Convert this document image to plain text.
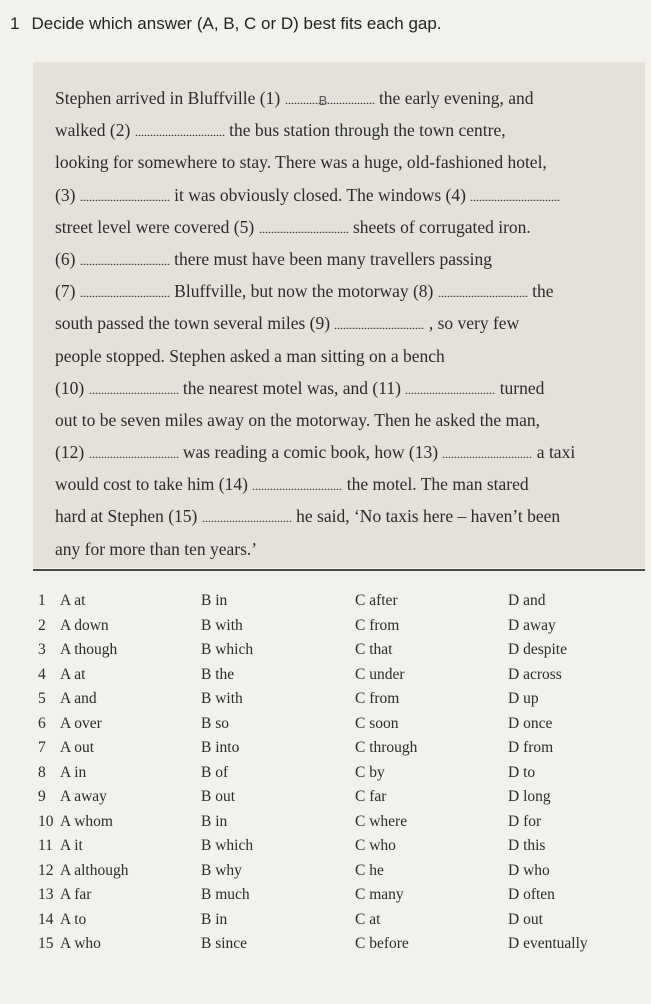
1 Decide which answer (A, B, C or D) best fits each gap.
Stephen arrived in Bluffville (1)	B	the early evening, and
walked (2)	the bus station through the town centre,
looking for somewhere to stay. There was a huge, old-fashioned hotel,
(3)	it was obviously closed. The windows (4)
street level were covered (5)	sheets of corrugated iron.
(6)	there must have been many travellers passing
(7)	Bluffville, but now the motorway (8)	the
south passed the town several miles (9)	, so very few
people stopped. Stephen asked a man sitting on a bench
(10)	the nearest motel was, and (11)	turned
out to be seven miles away on the motorway. Then he asked the man,
(12)	was reading a comic book, how (13)	a taxi
would cost to take him (14)	the motel. The man stared
hard at Stephen (15)	he said, ‘No taxis here – haven’t been
any for more than ten years.’
1 A at	B in	C after	D and
2 A down	B with	C from	D away
3 A though	B which	C that	D despite
4 A at	B the	C under	D across
5 A and	B with	C from	D up
6 A over	B so	C soon	D once
7 A out	B into	C through	D from
8 A in	B of	C by	D to
9 A away	B out	C far	D long
10 A whom	B in	C where	D for
11 A it	B which	C who	D this
12 A although	B why	C he	D who
13 A far	B much	C many	D often
14 A to	B in	C at	D out
15 A who	B since	C before	D eventually
